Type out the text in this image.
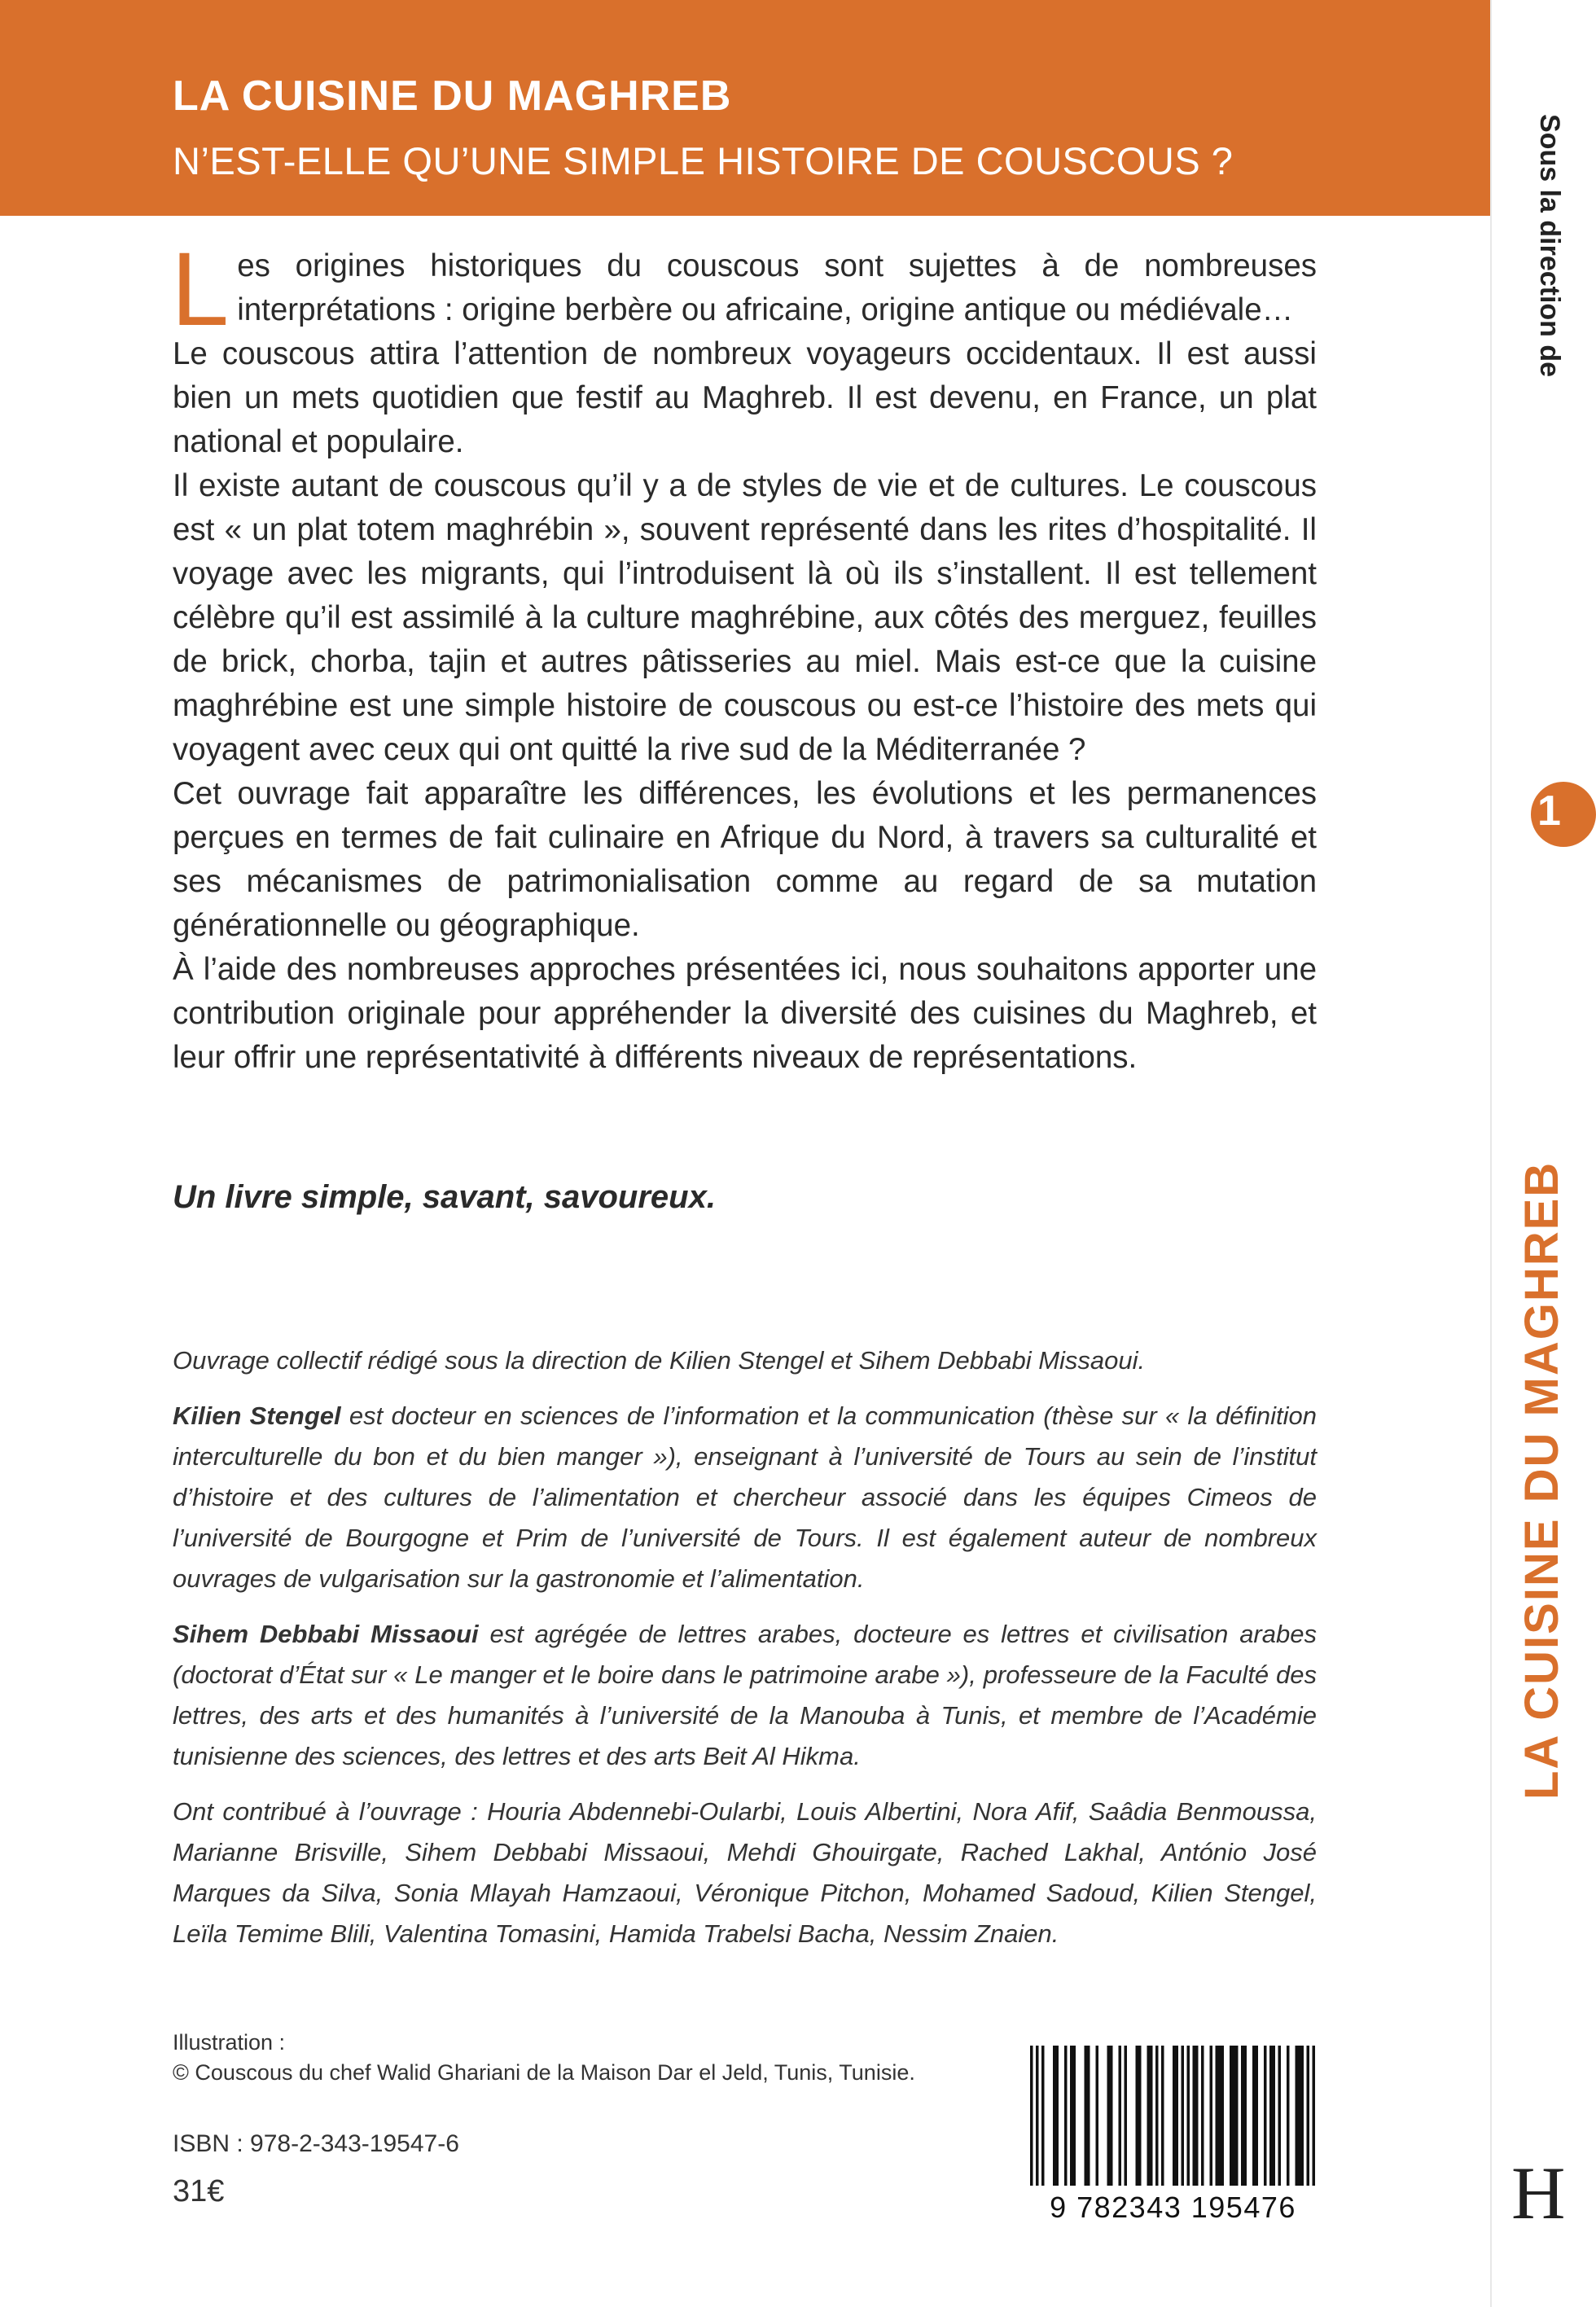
LA CUISINE DU MAGHREB
N’EST-ELLE QU’UNE SIMPLE HISTOIRE DE COUSCOUS ?	Sous la direction de
1
LA CUISINE DU MAGHREB

Les origines historiques du couscous sont sujettes à de nombreuses interprétations : origine berbère ou africaine, origine antique ou médiévale…

Le couscous attira l’attention de nombreux voyageurs occidentaux. Il est aussi bien un mets quotidien que festif au Maghreb. Il est devenu, en France, un plat national et populaire.

Il existe autant de couscous qu’il y a de styles de vie et de cultures. Le couscous est « un plat totem maghrébin », souvent représenté dans les rites d’hospitalité. Il voyage avec les migrants, qui l’introduisent là où ils s’installent. Il est tellement célèbre qu’il est assimilé à la culture maghrébine, aux côtés des merguez, feuilles de brick, chorba, tajin et autres pâtisseries au miel. Mais est-ce que la cuisine maghrébine est une simple histoire de couscous ou est-ce l’histoire des mets qui voyagent avec ceux qui ont quitté la rive sud de la Méditerranée ?

Cet ouvrage fait apparaître les différences, les évolutions et les permanences perçues en termes de fait culinaire en Afrique du Nord, à travers sa culturalité et ses mécanismes de patrimonialisation comme au regard de sa mutation générationnelle ou géographique.

À l’aide des nombreuses approches présentées ici, nous souhaitons apporter une contribution originale pour appréhender la diversité des cuisines du Maghreb, et leur offrir une représentativité à différents niveaux de représentations.

Un livre simple, savant, savoureux.

Ouvrage collectif rédigé sous la direction de Kilien Stengel et Sihem Debbabi Missaoui.

Kilien Stengel est docteur en sciences de l’information et la communication (thèse sur « la définition interculturelle du bon et du bien manger »), enseignant à l’université de Tours au sein de l’institut d’histoire et des cultures de l’alimentation et chercheur associé dans les équipes Cimeos de l’université de Bourgogne et Prim de l’université de Tours. Il est également auteur de nombreux ouvrages de vulgarisation sur la gastronomie et l’alimentation.

Sihem Debbabi Missaoui est agrégée de lettres arabes, docteure es lettres et civilisation arabes (doctorat d’État sur « Le manger et le boire dans le patrimoine arabe »), professeure de la Faculté des lettres, des arts et des humanités à l’université de la Manouba à Tunis, et membre de l’Académie tunisienne des sciences, des lettres et des arts Beit Al Hikma.

Ont contribué à l’ouvrage : Houria Abdennebi-Oularbi, Louis Albertini, Nora Afif, Saâdia Benmoussa, Marianne Brisville, Sihem Debbabi Missaoui, Mehdi Ghouirgate, Rached Lakhal, António José Marques da Silva, Sonia Mlayah Hamzaoui, Véronique Pitchon, Mohamed Sadoud, Kilien Stengel, Leïla Temime Blili, Valentina Tomasini, Hamida Trabelsi Bacha, Nessim Znaien.

Illustration :
© Couscous du chef Walid Ghariani de la Maison Dar el Jeld, Tunis, Tunisie.
ISBN : 978-2-343-19547-6
31€	9 782343 195476	H
